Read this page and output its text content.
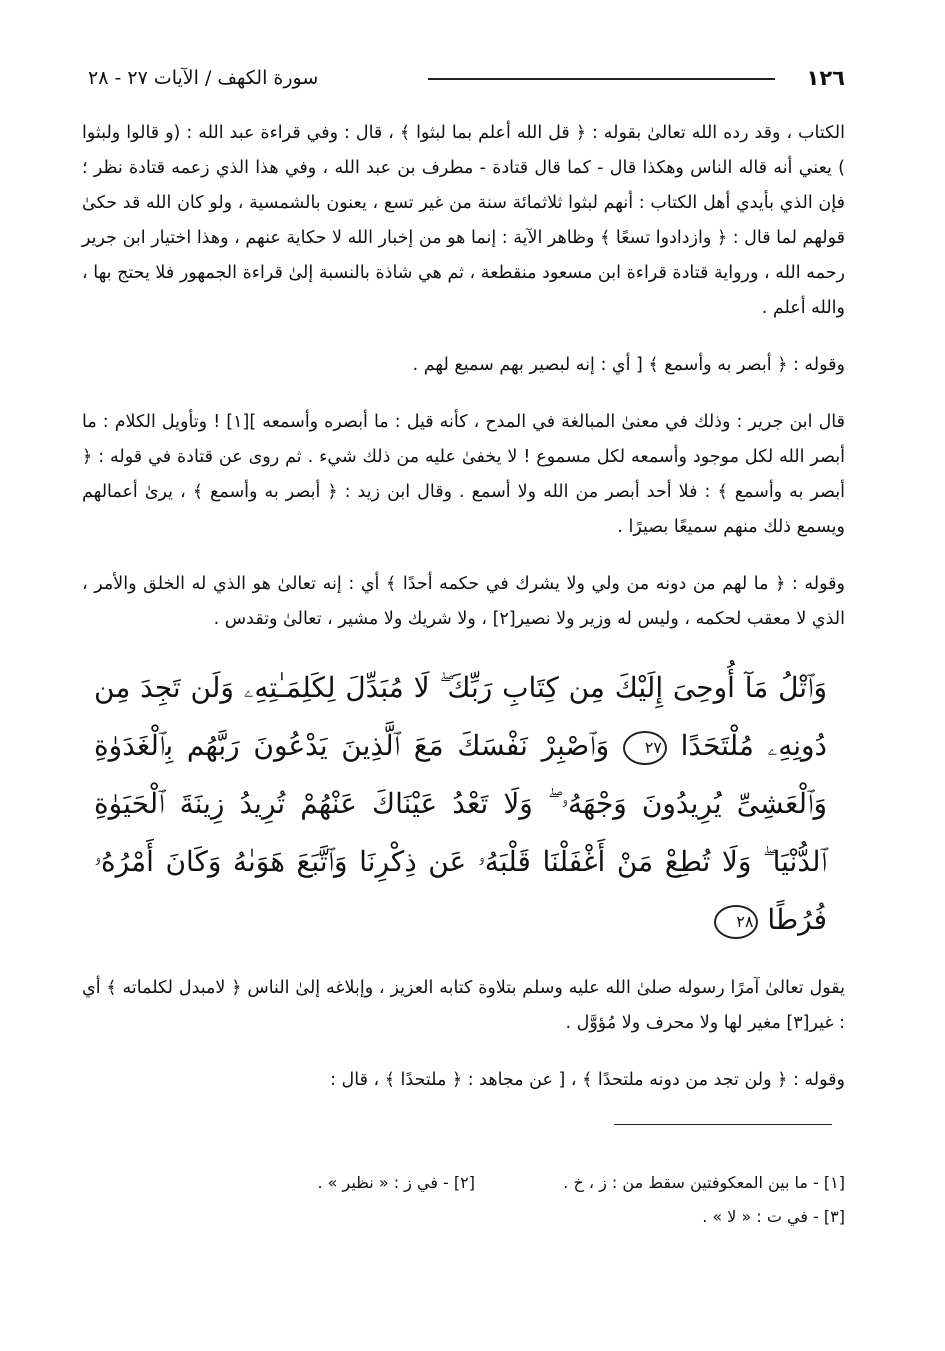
١٢٦
سورة الكهف / الآيات ٢٧ - ٢٨

الكتاب ، وقد رده الله تعالىٰ بقوله : ﴿ قل الله أعلم بما لبثوا ﴾ ، قال : وفي قراءة عبد الله : (و قالوا ولبثوا ) يعني أنه قاله الناس وهكذا قال - كما قال قتادة - مطرف بن عبد الله ، وفي هذا الذي زعمه قتادة نظر ؛ فإن الذي بأيدي أهل الكتاب : أنهم لبثوا ثلاثمائة سنة من غير تسع ، يعنون بالشمسية ، ولو كان الله قد حكىٰ قولهم لما قال : ﴿ وازدادوا تسعًا ﴾ وظاهر الآية : إنما هو من إخبار الله لا حكاية عنهم ، وهذا اختيار ابن جرير رحمه الله ، ورواية قتادة قراءة ابن مسعود منقطعة ، ثم هي شاذة بالنسبة إلىٰ قراءة الجمهور فلا يحتج بها ، والله أعلم .

وقوله : ﴿ أبصر به وأسمع ﴾ [ أي : إنه لبصير بهم سميع لهم .

قال ابن جرير : وذلك في معنىٰ المبالغة في المدح ، كأنه قيل : ما أبصره وأسمعه ][١] ! وتأويل الكلام : ما أبصر الله لكل موجود وأسمعه لكل مسموع ! لا يخفىٰ عليه من ذلك شيء . ثم روى عن قتادة في قوله : ﴿ أبصر به وأسمع ﴾ : فلا أحد أبصر من الله ولا أسمع . وقال ابن زيد : ﴿ أبصر به وأسمع ﴾ ، يرىٰ أعمالهم ويسمع ذلك منهم سميعًا بصيرًا .

وقوله : ﴿ ما لهم من دونه من ولي ولا يشرك في حكمه أحدًا ﴾ أي : إنه تعالىٰ هو الذي له الخلق والأمر ، الذي لا معقب لحكمه ، وليس له وزير ولا نصير[٢] ، ولا شريك ولا مشير ، تعالىٰ وتقدس .

وَٱتْلُ مَآ أُوحِىَ إِلَيْكَ مِن كِتَابِ رَبِّكَ ۖ لَا مُبَدِّلَ لِكَلِمَـٰتِهِۦ وَلَن تَجِدَ مِن دُونِهِۦ مُلْتَحَدًا ٢٧ وَٱصْبِرْ نَفْسَكَ مَعَ ٱلَّذِينَ يَدْعُونَ رَبَّهُم بِٱلْغَدَوٰةِ وَٱلْعَشِىِّ يُرِيدُونَ وَجْهَهُۥ ۖ وَلَا تَعْدُ عَيْنَاكَ عَنْهُمْ تُرِيدُ زِينَةَ ٱلْحَيَوٰةِ ٱلدُّنْيَا ۖ وَلَا تُطِعْ مَنْ أَغْفَلْنَا قَلْبَهُۥ عَن ذِكْرِنَا وَٱتَّبَعَ هَوَىٰهُ وَكَانَ أَمْرُهُۥ فُرُطًا ٢٨

يقول تعالىٰ آمرًا رسوله صلىٰ الله عليه وسلم بتلاوة كتابه العزيز ، وإبلاغه إلىٰ الناس ﴿ لامبدل لكلماته ﴾ أي : غير[٣] مغير لها ولا محرف ولا مُؤوَّل .

وقوله : ﴿ ولن تجد من دونه ملتحدًا ﴾ ، [ عن مجاهد : ﴿ ملتحدًا ﴾ ، قال :

[١] - ما بين المعكوفتين سقط من : ز ، خ .
[٢] - في ز : « نظير » .
[٣] - في ت : « لا » .
